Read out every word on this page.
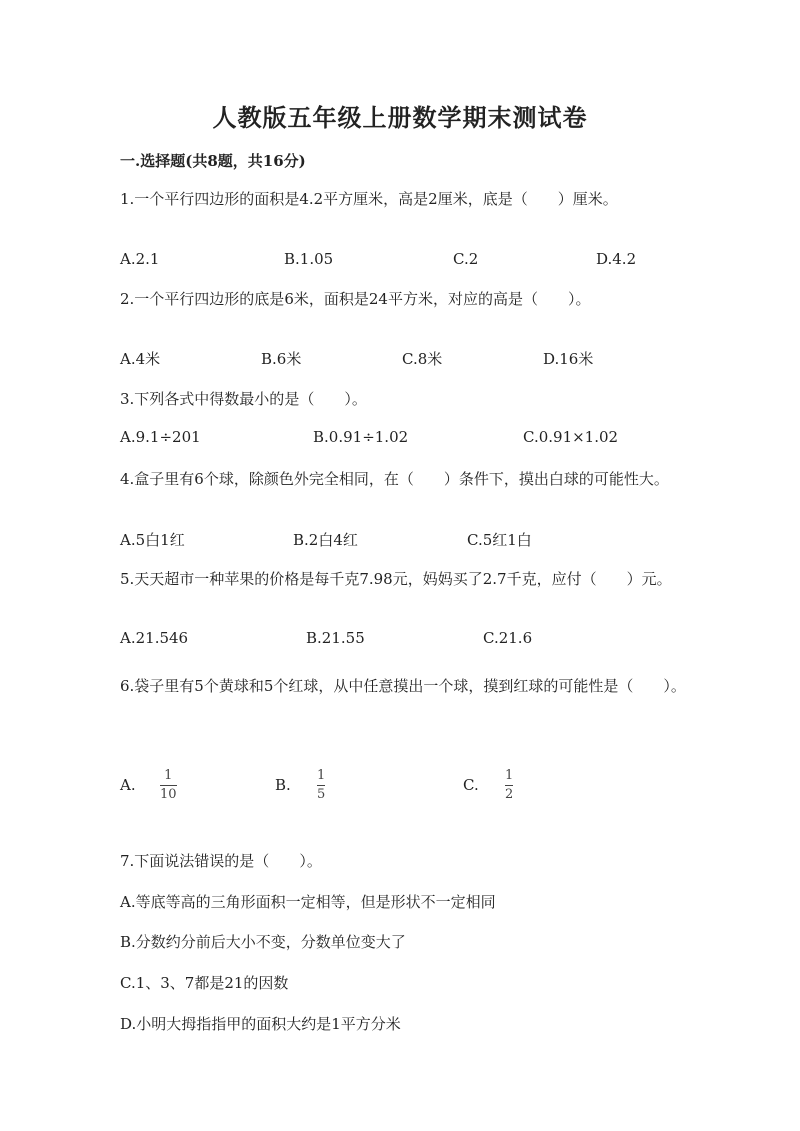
人教版五年级上册数学期末测试卷
一.选择题(共8题，共16分)
1.一个平行四边形的面积是4.2平方厘米，高是2厘米，底是（　　）厘米。
A.2.1	B.1.05	C.2	D.4.2
2.一个平行四边形的底是6米，面积是24平方米，对应的高是（　　）。
A.4米	B.6米	C.8米	D.16米
3.下列各式中得数最小的是（　　）。
A.9.1÷201	B.0.91÷1.02	C.0.91×1.02
4.盒子里有6个球，除颜色外完全相同，在（　　）条件下，摸出白球的可能性大。
A.5白1红	B.2白4红	C.5红1白
5.天天超市一种苹果的价格是每千克7.98元，妈妈买了2.7千克，应付（　　）元。
A.21.546	B.21.55	C.21.6
6.袋子里有5个黄球和5个红球，从中任意摸出一个球，摸到红球的可能性是（　　）。
A.
1
10
B.
1
5
C.
1
2
7.下面说法错误的是（　　）。
A.等底等高的三角形面积一定相等，但是形状不一定相同
B.分数约分前后大小不变，分数单位变大了
C.1、3、7都是21的因数
D.小明大拇指指甲的面积大约是1平方分米
